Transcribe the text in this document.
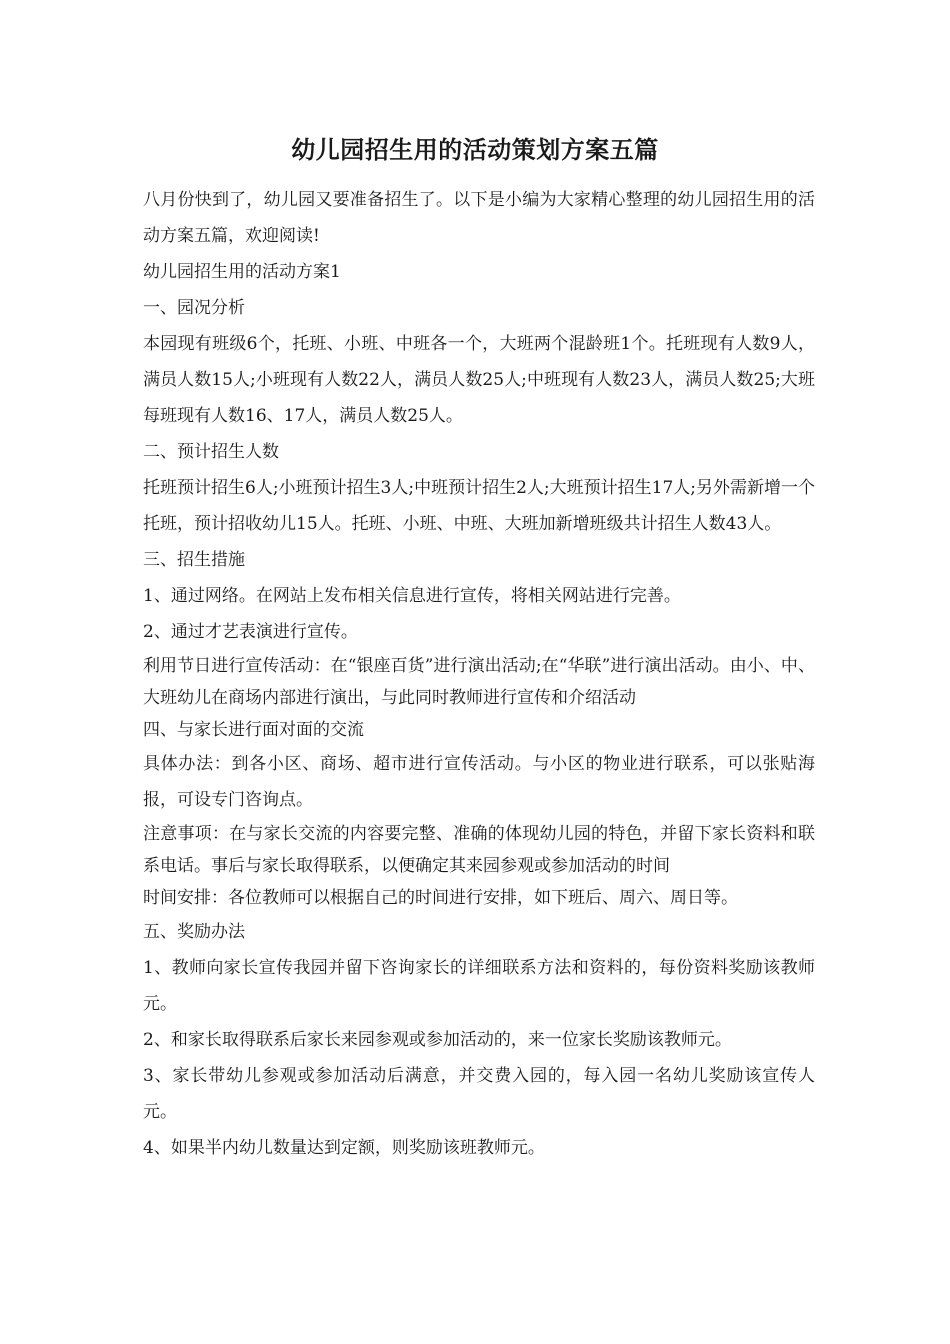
幼儿园招生用的活动策划方案五篇

八月份快到了，幼儿园又要准备招生了。以下是小编为大家精心整理的幼儿园招生用的活动方案五篇，欢迎阅读!

幼儿园招生用的活动方案1

一、园况分析

本园现有班级6个，托班、小班、中班各一个，大班两个混龄班1个。托班现有人数9人，满员人数15人;小班现有人数22人，满员人数25人;中班现有人数23人，满员人数25;大班每班现有人数16、17人，满员人数25人。

二、预计招生人数

托班预计招生6人;小班预计招生3人;中班预计招生2人;大班预计招生17人;另外需新增一个托班，预计招收幼儿15人。托班、小班、中班、大班加新增班级共计招生人数43人。

三、招生措施

1、通过网络。在网站上发布相关信息进行宣传，将相关网站进行完善。

2、通过才艺表演进行宣传。

利用节日进行宣传活动：在“银座百货”进行演出活动;在“华联”进行演出活动。由小、中、大班幼儿在商场内部进行演出，与此同时教师进行宣传和介绍活动

四、与家长进行面对面的交流

具体办法：到各小区、商场、超市进行宣传活动。与小区的物业进行联系，可以张贴海报，可设专门咨询点。

注意事项：在与家长交流的内容要完整、准确的体现幼儿园的特色，并留下家长资料和联系电话。事后与家长取得联系，以便确定其来园参观或参加活动的时间

时间安排：各位教师可以根据自己的时间进行安排，如下班后、周六、周日等。

五、奖励办法

1、教师向家长宣传我园并留下咨询家长的详细联系方法和资料的，每份资料奖励该教师元。

2、和家长取得联系后家长来园参观或参加活动的，来一位家长奖励该教师元。

3、家长带幼儿参观或参加活动后满意，并交费入园的，每入园一名幼儿奖励该宣传人元。

4、如果半内幼儿数量达到定额，则奖励该班教师元。
